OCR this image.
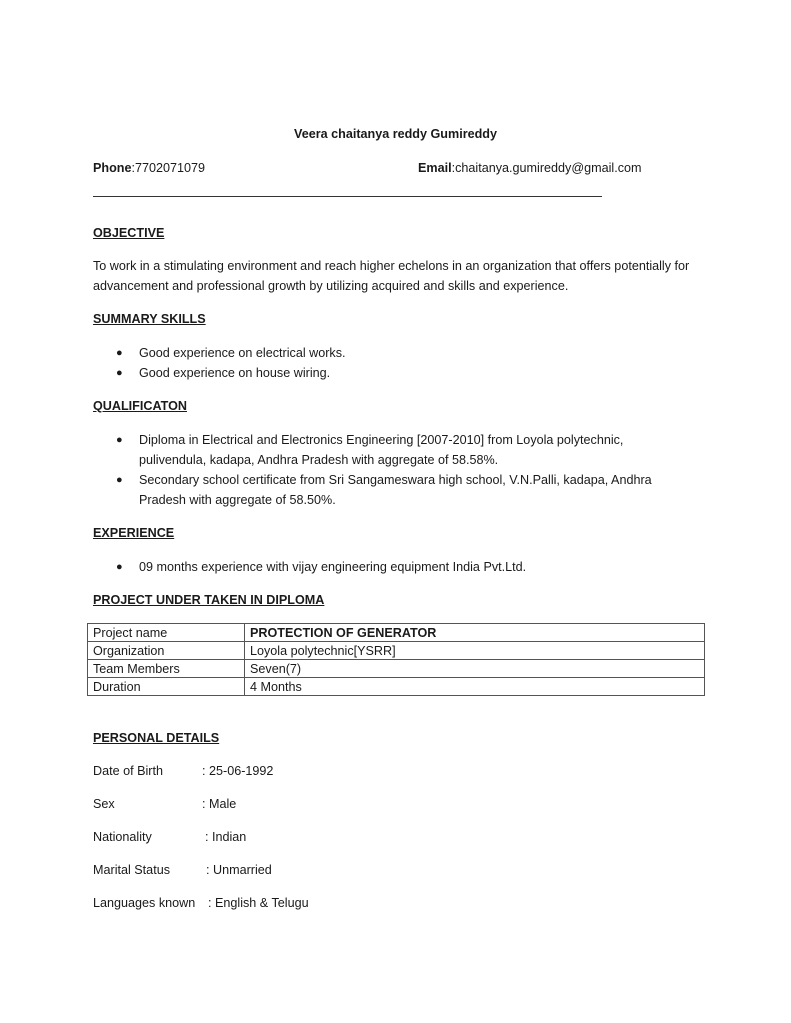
Veera chaitanya reddy Gumireddy
Phone:7702071079	Email:chaitanya.gumireddy@gmail.com
OBJECTIVE
To work in a stimulating environment and reach higher echelons in an organization that offers potentially for advancement and professional growth by utilizing acquired and skills and experience.
SUMMARY SKILLS
● Good experience on electrical works.
● Good experience on house wiring.
QUALIFICATON
● Diploma in Electrical and Electronics Engineering [2007-2010] from Loyola polytechnic, pulivendula, kadapa, Andhra Pradesh with aggregate of 58.58%.
● Secondary school certificate from Sri Sangameswara high school, V.N.Palli, kadapa, Andhra Pradesh with aggregate of 58.50%.
EXPERIENCE
● 09 months experience with vijay engineering equipment India Pvt.Ltd.
PROJECT UNDER TAKEN IN DIPLOMA
Project name	PROTECTION OF GENERATOR
Organization	Loyola polytechnic[YSRR]
Team Members	Seven(7)
Duration	4 Months
PERSONAL DETAILS
Date of Birth	: 25-06-1992
Sex	: Male
Nationality	: Indian
Marital Status	: Unmarried
Languages known : English & Telugu
